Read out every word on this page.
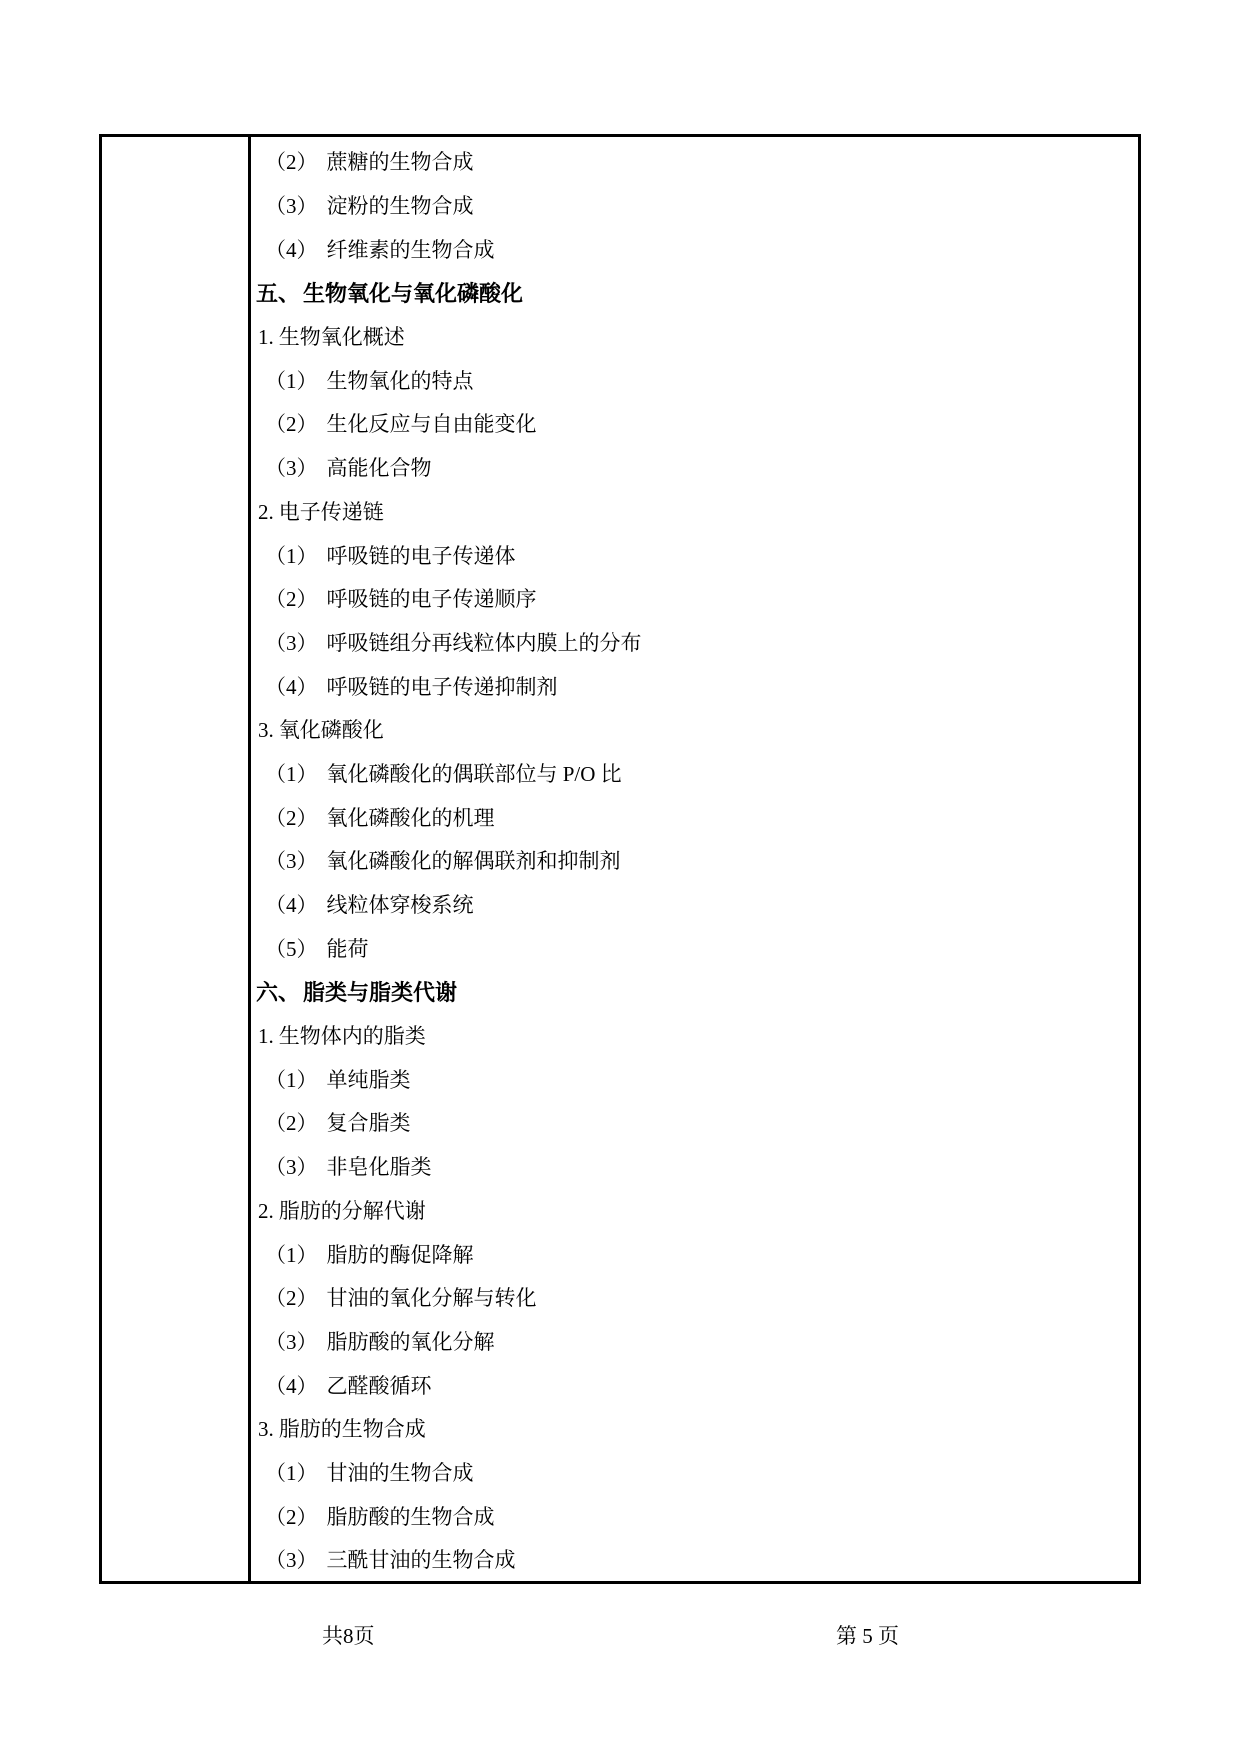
（2） 蔗糖的生物合成
（3） 淀粉的生物合成
（4） 纤维素的生物合成
五、 生物氧化与氧化磷酸化
1. 生物氧化概述
（1） 生物氧化的特点
（2） 生化反应与自由能变化
（3） 高能化合物
2. 电子传递链
（1） 呼吸链的电子传递体
（2） 呼吸链的电子传递顺序
（3） 呼吸链组分再线粒体内膜上的分布
（4） 呼吸链的电子传递抑制剂
3. 氧化磷酸化
（1） 氧化磷酸化的偶联部位与 P/O 比
（2） 氧化磷酸化的机理
（3） 氧化磷酸化的解偶联剂和抑制剂
（4） 线粒体穿梭系统
（5） 能荷
六、 脂类与脂类代谢
1. 生物体内的脂类
（1） 单纯脂类
（2） 复合脂类
（3） 非皂化脂类
2. 脂肪的分解代谢
（1） 脂肪的酶促降解
（2） 甘油的氧化分解与转化
（3） 脂肪酸的氧化分解
（4） 乙醛酸循环
3. 脂肪的生物合成
（1） 甘油的生物合成
（2） 脂肪酸的生物合成
（3） 三酰甘油的生物合成
共8页	第 5 页
